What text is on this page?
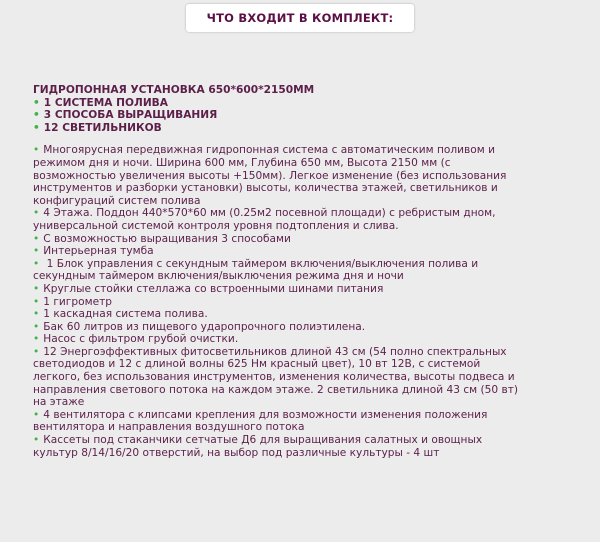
ЧТО ВХОДИТ В КОМПЛЕКТ:
ГИДРОПОННАЯ УСТАНОВКА 650*600*2150ММ
• 1 СИСТЕМА ПОЛИВА
• 3 СПОСОБА ВЫРАЩИВАНИЯ
• 12 СВЕТИЛЬНИКОВ
• Многоярусная передвижная гидропонная система с автоматическим поливом и
режимом дня и ночи. Ширина 600 мм, Глубина 650 мм, Высота 2150 мм (с
возможностью увеличения высоты +150мм). Легкое изменение (без использования
инструментов и разборки установки) высоты, количества этажей, светильников и
конфигураций систем полива
• 4 Этажа. Поддон 440*570*60 мм (0.25м2 посевной площади) с ребристым дном,
универсальной системой контроля уровня подтопления и слива.
• С возможностью выращивания 3 способами
• Интерьерная тумба
• 1 Блок управления с секундным таймером включения/выключения полива и
секундным таймером включения/выключения режима дня и ночи
• Круглые стойки стеллажа со встроенными шинами питания
• 1 гигрометр
• 1 каскадная система полива.
• Бак 60 литров из пищевого ударопрочного полиэтилена.
• Насос с фильтром грубой очистки.
• 12 Энергоэффективных фитосветильников длиной 43 см (54 полно спектральных
светодиодов и 12 с длиной волны 625 Нм красный цвет), 10 вт 12В, с системой
легкого, без использования инструментов, изменения количества, высоты подвеса и
направления светового потока на каждом этаже. 2 светильника длиной 43 см (50 вт)
на этаже
• 4 вентилятора с клипсами крепления для возможности изменения положения
вентилятора и направления воздушного потока
• Кассеты под стаканчики сетчатые Д6 для выращивания салатных и овощных
культур 8/14/16/20 отверстий, на выбор под различные культуры - 4 шт
